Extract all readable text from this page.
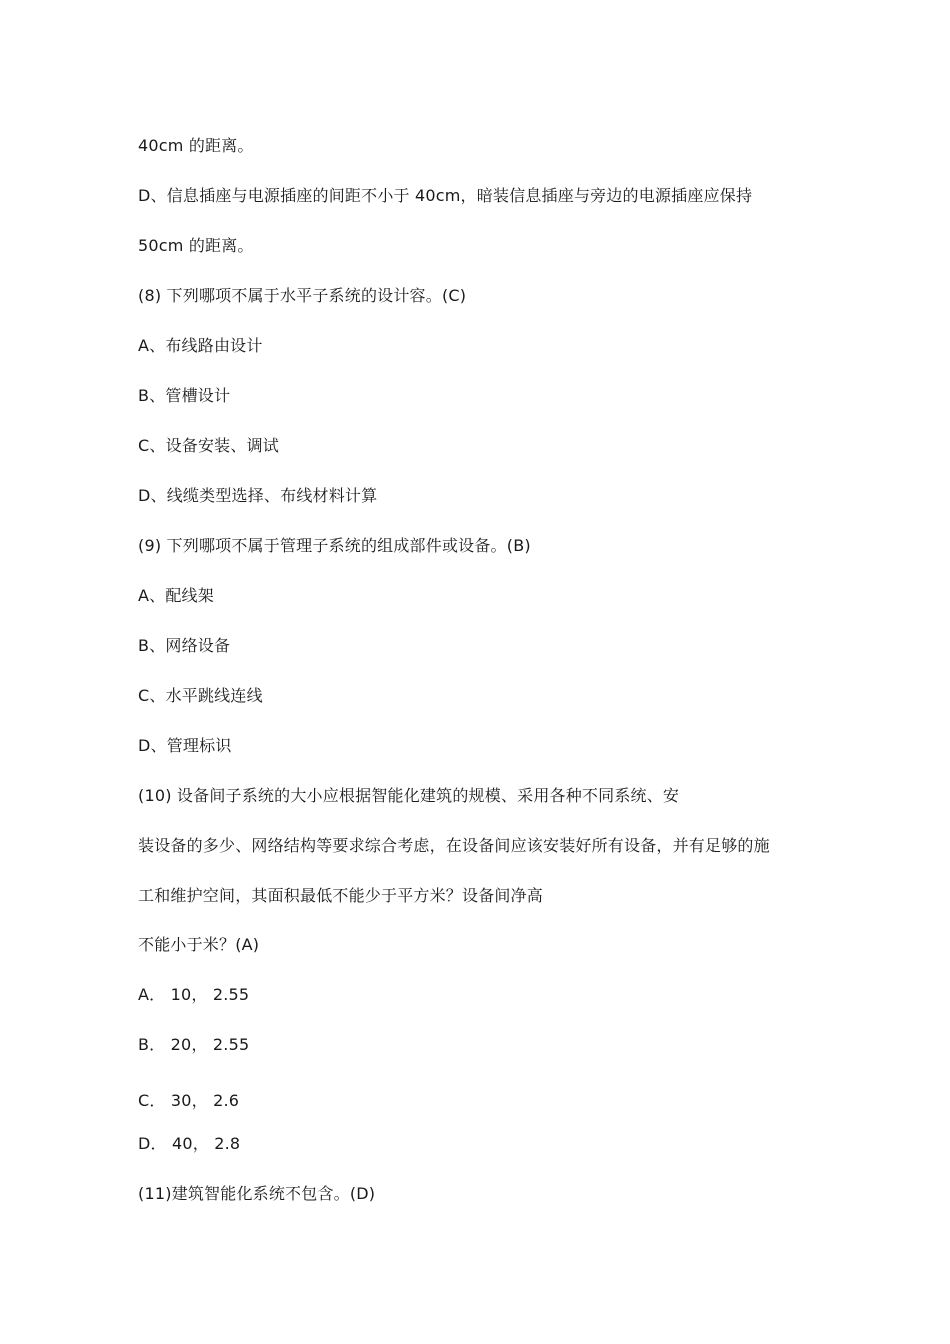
40cm 的距离。
D、信息插座与电源插座的间距不小于 40cm，暗装信息插座与旁边的电源插座应保持
50cm 的距离。
(8) 下列哪项不属于水平子系统的设计容。(C)
A、布线路由设计
B、管槽设计
C、设备安装、调试
D、线缆类型选择、布线材料计算
(9) 下列哪项不属于管理子系统的组成部件或设备。(B)
A、配线架
B、网络设备
C、水平跳线连线
D、管理标识
(10) 设备间子系统的大小应根据智能化建筑的规模、采用各种不同系统、安
装设备的多少、网络结构等要求综合考虑，在设备间应该安装好所有设备，并有足够的施
工和维护空间，其面积最低不能少于平方米？设备间净高
不能小于米？(A)
A． 10， 2.55
B． 20， 2.55
C． 30， 2.6
D． 40， 2.8
(11)建筑智能化系统不包含。(D)
